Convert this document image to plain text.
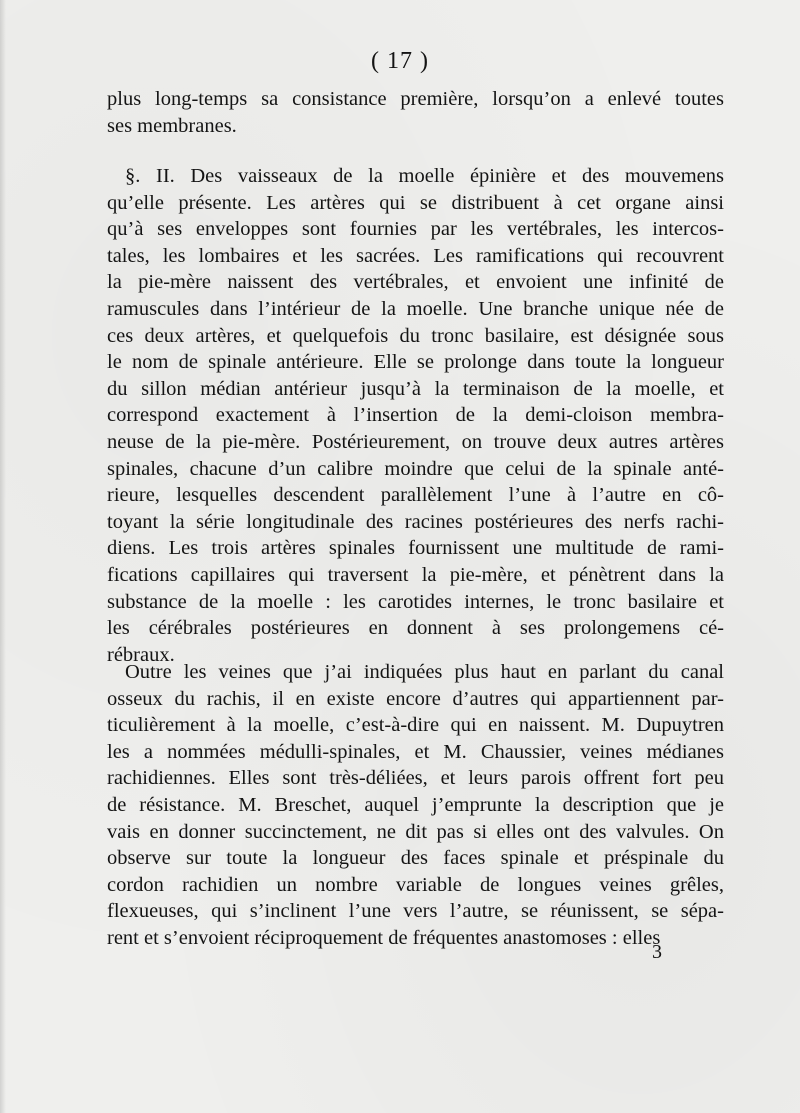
( 17 )
plus long-temps sa consistance première, lorsqu’on a enlevé toutes
ses membranes.
§. II. Des vaisseaux de la moelle épinière et des mouvemens
qu’elle présente. Les artères qui se distribuent à cet organe ainsi
qu’à ses enveloppes sont fournies par les vertébrales, les intercos-
tales, les lombaires et les sacrées. Les ramifications qui recouvrent
la pie-mère naissent des vertébrales, et envoient une infinité de
ramuscules dans l’intérieur de la moelle. Une branche unique née de
ces deux artères, et quelquefois du tronc basilaire, est désignée sous
le nom de spinale antérieure. Elle se prolonge dans toute la longueur
du sillon médian antérieur jusqu’à la terminaison de la moelle, et
correspond exactement à l’insertion de la demi-cloison membra-
neuse de la pie-mère. Postérieurement, on trouve deux autres artères
spinales, chacune d’un calibre moindre que celui de la spinale anté-
rieure, lesquelles descendent parallèlement l’une à l’autre en cô-
toyant la série longitudinale des racines postérieures des nerfs rachi-
diens. Les trois artères spinales fournissent une multitude de rami-
fications capillaires qui traversent la pie-mère, et pénètrent dans la
substance de la moelle : les carotides internes, le tronc basilaire et
les cérébrales postérieures en donnent à ses prolongemens cé-
rébraux.
Outre les veines que j’ai indiquées plus haut en parlant du canal
osseux du rachis, il en existe encore d’autres qui appartiennent par-
ticulièrement à la moelle, c’est-à-dire qui en naissent. M. Dupuytren
les a nommées médulli-spinales, et M. Chaussier, veines médianes
rachidiennes. Elles sont très-déliées, et leurs parois offrent fort peu
de résistance. M. Breschet, auquel j’emprunte la description que je
vais en donner succinctement, ne dit pas si elles ont des valvules. On
observe sur toute la longueur des faces spinale et préspinale du
cordon rachidien un nombre variable de longues veines grêles,
flexueuses, qui s’inclinent l’une vers l’autre, se réunissent, se sépa-
rent et s’envoient réciproquement de fréquentes anastomoses : elles
3
